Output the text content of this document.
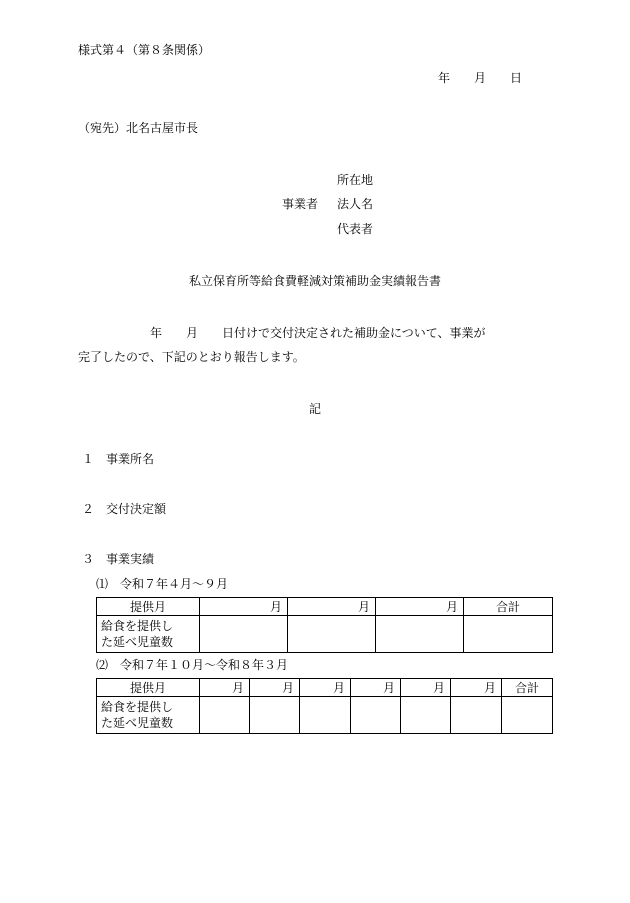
様式第４（第８条関係）
年　　月　　日
（宛先）北名古屋市長
所在地
事業者 法人名
代表者
私立保育所等給食費軽減対策補助金実績報告書
年　　月　　日付けで交付決定された補助金について、事業が
完了したので、下記のとおり報告します。
記
１　事業所名
２　交付決定額
３　事業実績
⑴　令和７年４月～９月
提供月	月	月	月	合計
給食を提供し
た延べ児童数				
⑵　令和７年１０月～令和８年３月
提供月	月	月	月	月	月	月	合計
給食を提供し
た延べ児童数							
